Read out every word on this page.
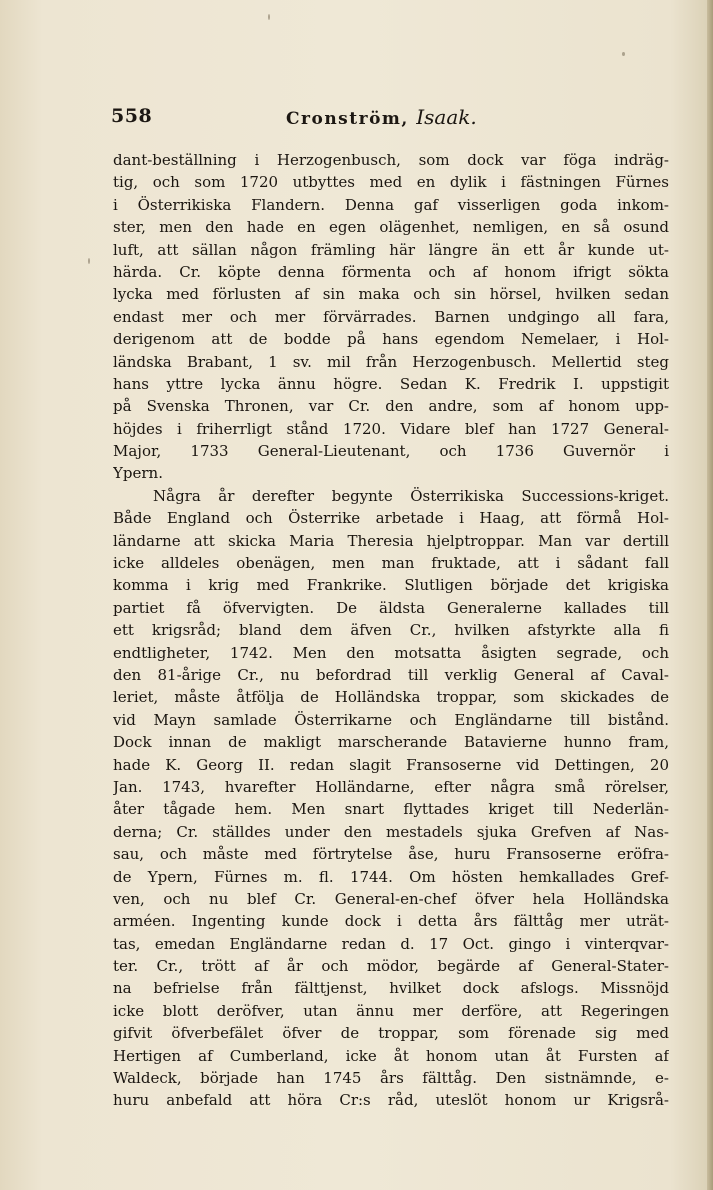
558	Cronström, Isaak.
dant-beställning i Herzogenbusch, som dock var föga indräg-
tig, och som 1720 utbyttes med en dylik i fästningen Fürnes
i Österrikiska Flandern. Denna gaf visserligen goda inkom-
ster, men den hade en egen olägenhet, nemligen, en så osund
luft, att sällan någon främling här längre än ett år kunde ut-
härda. Cr. köpte denna förmenta och af honom ifrigt sökta
lycka med förlusten af sin maka och sin hörsel, hvilken sedan
endast mer och mer förvärrades. Barnen undgingo all fara,
derigenom att de bodde på hans egendom Nemelaer, i Hol-
ländska Brabant, 1 sv. mil från Herzogenbusch. Mellertid steg
hans yttre lycka ännu högre. Sedan K. Fredrik I. uppstigit
på Svenska Thronen, var Cr. den andre, som af honom upp-
höjdes i friherrligt stånd 1720. Vidare blef han 1727 General-
Major, 1733 General-Lieutenant, och 1736 Guvernör i
Ypern.
Några år derefter begynte Österrikiska Successions-kriget.
Både England och Österrike arbetade i Haag, att förmå Hol-
ländarne att skicka Maria Theresia hjelptroppar. Man var dertill
icke alldeles obenägen, men man fruktade, att i sådant fall
komma i krig med Frankrike. Slutligen började det krigiska
partiet få öfvervigten. De äldsta Generalerne kallades till
ett krigsråd; bland dem äfven Cr., hvilken afstyrkte alla fi
endtligheter, 1742. Men den motsatta åsigten segrade, och
den 81-årige Cr., nu befordrad till verklig General af Caval-
leriet, måste åtfölja de Holländska troppar, som skickades de
vid Mayn samlade Österrikarne och Engländarne till bistånd.
Dock innan de makligt marscherande Batavierne hunno fram,
hade K. Georg II. redan slagit Fransoserne vid Dettingen, 20
Jan. 1743, hvarefter Holländarne, efter några små rörelser,
åter tågade hem. Men snart flyttades kriget till Nederlän-
derna; Cr. ställdes under den mestadels sjuka Grefven af Nas-
sau, och måste med förtrytelse åse, huru Fransoserne eröfra-
de Ypern, Fürnes m. fl. 1744. Om hösten hemkallades Gref-
ven, och nu blef Cr. General-en-chef öfver hela Holländska
arméen. Ingenting kunde dock i detta års fälttåg mer uträt-
tas, emedan Engländarne redan d. 17 Oct. gingo i vinterqvar-
ter. Cr., trött af år och mödor, begärde af General-Stater-
na befrielse från fälttjenst, hvilket dock afslogs. Missnöjd
icke blott deröfver, utan ännu mer derföre, att Regeringen
gifvit öfverbefälet öfver de troppar, som förenade sig med
Hertigen af Cumberland, icke åt honom utan åt Fursten af
Waldeck, började han 1745 års fälttåg. Den sistnämnde, e-
huru anbefald att höra Cr:s råd, uteslöt honom ur Krigsrå-
